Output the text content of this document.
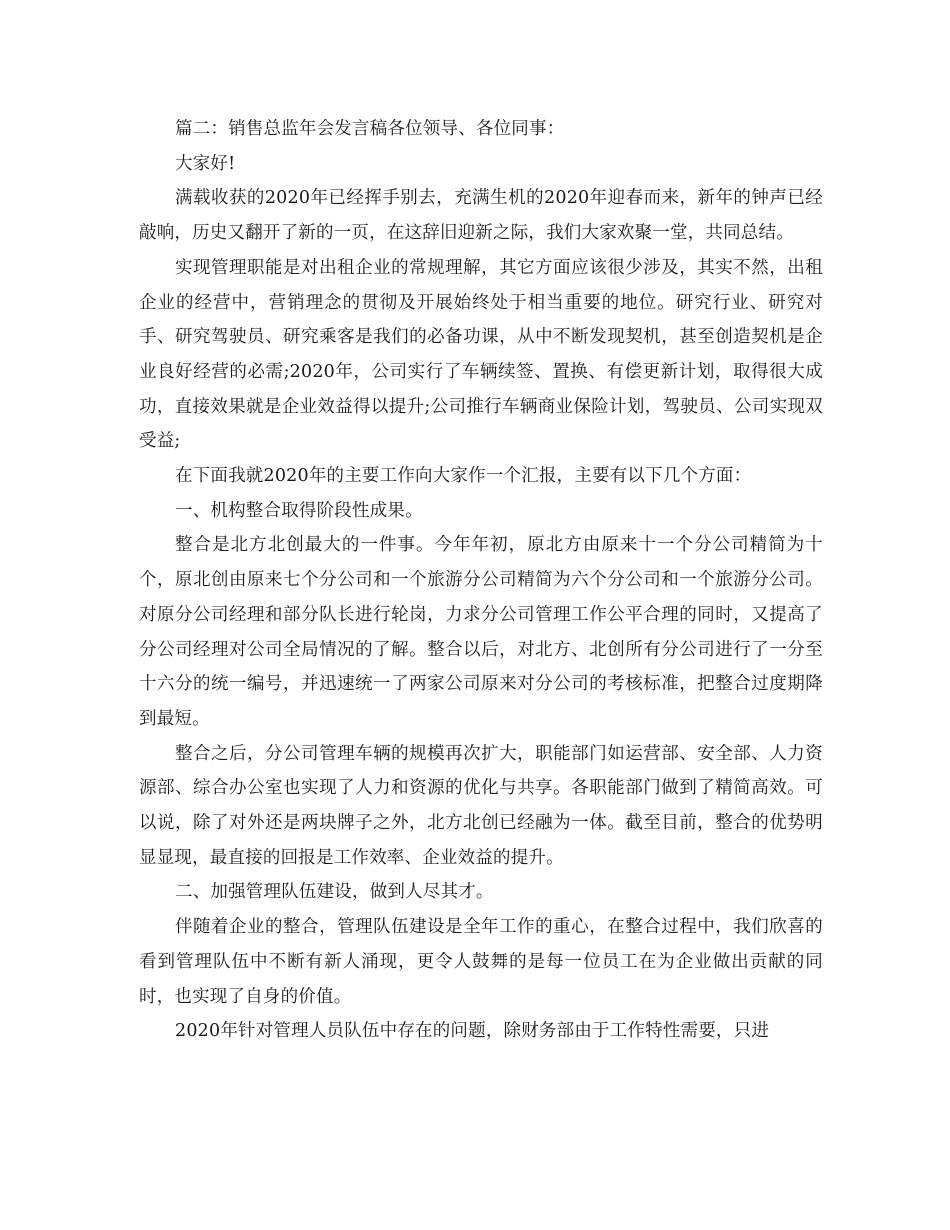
篇二：销售总监年会发言稿各位领导、各位同事：

大家好!

满载收获的2020年已经挥手别去，充满生机的2020年迎春而来，新年的钟声已经敲响，历史又翻开了新的一页，在这辞旧迎新之际，我们大家欢聚一堂，共同总结。

实现管理职能是对出租企业的常规理解，其它方面应该很少涉及，其实不然，出租企业的经营中，营销理念的贯彻及开展始终处于相当重要的地位。研究行业、研究对手、研究驾驶员、研究乘客是我们的必备功课，从中不断发现契机，甚至创造契机是企业良好经营的必需;2020年，公司实行了车辆续签、置换、有偿更新计划，取得很大成功，直接效果就是企业效益得以提升;公司推行车辆商业保险计划，驾驶员、公司实现双受益;

在下面我就2020年的主要工作向大家作一个汇报，主要有以下几个方面：

一、机构整合取得阶段性成果。

整合是北方北创最大的一件事。今年年初，原北方由原来十一个分公司精简为十个，原北创由原来七个分公司和一个旅游分公司精简为六个分公司和一个旅游分公司。对原分公司经理和部分队长进行轮岗，力求分公司管理工作公平合理的同时，又提高了分公司经理对公司全局情况的了解。整合以后，对北方、北创所有分公司进行了一分至十六分的统一编号，并迅速统一了两家公司原来对分公司的考核标准，把整合过度期降到最短。

整合之后，分公司管理车辆的规模再次扩大，职能部门如运营部、安全部、人力资源部、综合办公室也实现了人力和资源的优化与共享。各职能部门做到了精简高效。可以说，除了对外还是两块牌子之外，北方北创已经融为一体。截至目前，整合的优势明显显现，最直接的回报是工作效率、企业效益的提升。

二、加强管理队伍建设，做到人尽其才。

伴随着企业的整合，管理队伍建设是全年工作的重心，在整合过程中，我们欣喜的看到管理队伍中不断有新人涌现，更令人鼓舞的是每一位员工在为企业做出贡献的同时，也实现了自身的价值。

2020年针对管理人员队伍中存在的问题，除财务部由于工作特性需要，只进
